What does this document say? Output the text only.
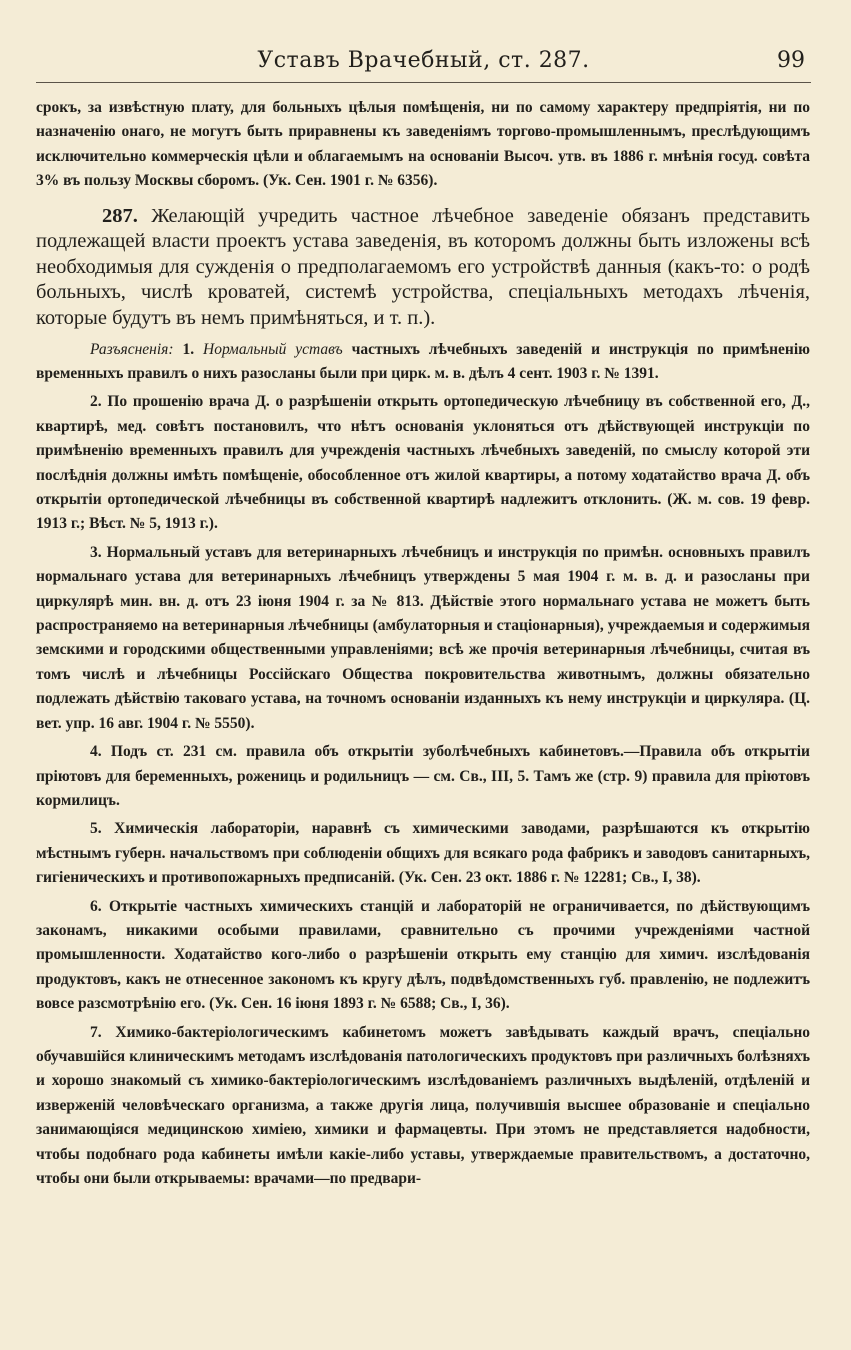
Уставъ Врачебный, ст. 287.	99

срокъ, за извѣстную плату, для больныхъ цѣлыя помѣщенія, ни по самому характеру предпріятія, ни по назначенію онаго, не могутъ быть приравнены къ заведеніямъ торгово-промышленнымъ, преслѣдующимъ исключительно коммерческія цѣли и облагаемымъ на основаніи Высоч. утв. въ 1886 г. мнѣнія госуд. совѣта 3% въ пользу Москвы сборомъ. (Ук. Сен. 1901 г. № 6356).

287. Желающій учредить частное лѣчебное заведеніе обязанъ представить подлежащей власти проектъ устава заведенія, въ которомъ должны быть изложены всѣ необходимыя для сужденія о предполагаемомъ его устройствѣ данныя (какъ-то: о родѣ больныхъ, числѣ кроватей, системѣ устройства, спеціальныхъ методахъ лѣченія, которые будутъ въ немъ примѣняться, и т. п.).

Разъясненія: 1. Нормальный уставъ частныхъ лѣчебныхъ заведеній и инструкція по примѣненію временныхъ правилъ о нихъ разосланы были при цирк. м. в. дѣлъ 4 сент. 1903 г. № 1391.

2. По прошенію врача Д. о разрѣшеніи открыть ортопедическую лѣчебницу въ собственной его, Д., квартирѣ, мед. совѣтъ постановилъ, что нѣтъ основанія уклоняться отъ дѣйствующей инструкціи по примѣненію временныхъ правилъ для учрежденія частныхъ лѣчебныхъ заведеній, по смыслу которой эти послѣднія должны имѣть помѣщеніе, обособленное отъ жилой квартиры, а потому ходатайство врача Д. объ открытіи ортопедической лѣчебницы въ собственной квартирѣ надлежитъ отклонить. (Ж. м. сов. 19 февр. 1913 г.; Вѣст. № 5, 1913 г.).

3. Нормальный уставъ для ветеринарныхъ лѣчебницъ и инструкція по примѣн. основныхъ правилъ нормальнаго устава для ветеринарныхъ лѣчебницъ утверждены 5 мая 1904 г. м. в. д. и разосланы при циркулярѣ мин. вн. д. отъ 23 іюня 1904 г. за № 813. Дѣйствіе этого нормальнаго устава не можетъ быть распространяемо на ветеринарныя лѣчебницы (амбулаторныя и стаціонарныя), учреждаемыя и содержимыя земскими и городскими общественными управленіями; всѣ же прочія ветеринарныя лѣчебницы, считая въ томъ числѣ и лѣчебницы Россійскаго Общества покровительства животнымъ, должны обязательно подлежать дѣйствію таковаго устава, на точномъ основаніи изданныхъ къ нему инструкціи и циркуляра. (Ц. вет. упр. 16 авг. 1904 г. № 5550).

4. Подъ ст. 231 см. правила объ открытіи зуболѣчебныхъ кабинетовъ.—Правила объ открытіи пріютовъ для беременныхъ, рожениць и родильницъ — см. Св., III, 5. Тамъ же (стр. 9) правила для пріютовъ кормилицъ.

5. Химическія лабораторіи, наравнѣ съ химическими заводами, разрѣшаются къ открытію мѣстнымъ губерн. начальствомъ при соблюденіи общихъ для всякаго рода фабрикъ и заводовъ санитарныхъ, гигіеническихъ и противопожарныхъ предписаній. (Ук. Сен. 23 окт. 1886 г. № 12281; Св., I, 38).

6. Открытіе частныхъ химическихъ станцій и лабораторій не ограничивается, по дѣйствующимъ законамъ, никакими особыми правилами, сравнительно съ прочими учрежденіями частной промышленности. Ходатайство кого-либо о разрѣшеніи открыть ему станцію для химич. изслѣдованія продуктовъ, какъ не отнесенное закономъ къ кругу дѣлъ, подвѣдомственныхъ губ. правленію, не подлежитъ вовсе разсмотрѣнію его. (Ук. Сен. 16 іюня 1893 г. № 6588; Св., I, 36).

7. Химико-бактеріологическимъ кабинетомъ можетъ завѣдывать каждый врачъ, спеціально обучавшійся клиническимъ методамъ изслѣдованія патологическихъ продуктовъ при различныхъ болѣзняхъ и хорошо знакомый съ химико-бактеріологическимъ изслѣдованіемъ различныхъ выдѣленій, отдѣленій и изверженій человѣческаго организма, а также другія лица, получившія высшее образованіе и спеціально занимающіяся медицинскою химіею, химики и фармацевты. При этомъ не представляется надобности, чтобы подобнаго рода кабинеты имѣли какіе-либо уставы, утверждаемые правительствомъ, а достаточно, чтобы они были открываемы: врачами—по предвари-
